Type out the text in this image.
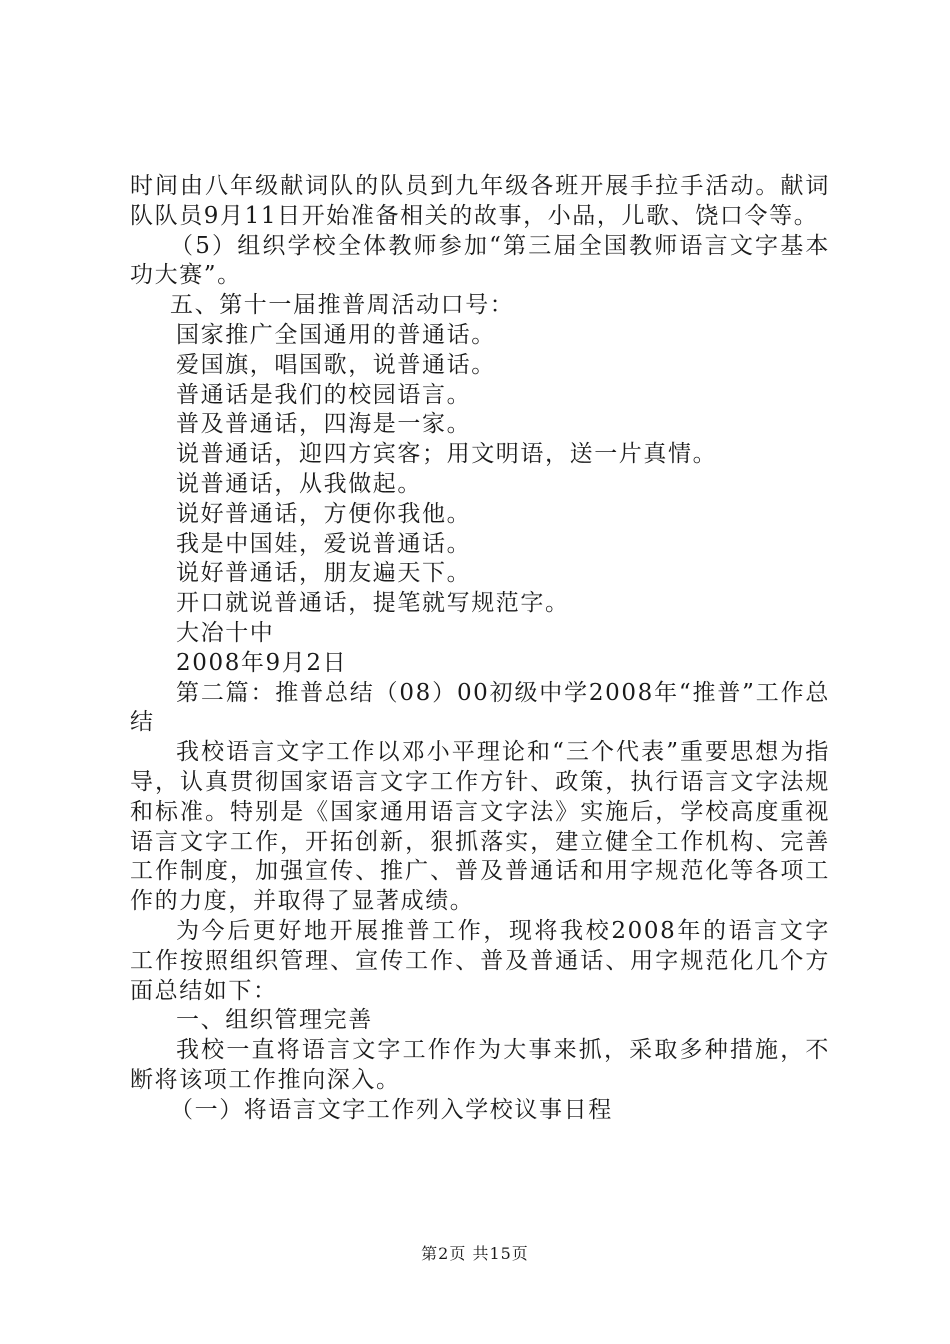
时间由八年级献词队的队员到九年级各班开展手拉手活动。献词队队员9月11日开始准备相关的故事，小品，儿歌、饶口令等。

（5）组织学校全体教师参加“第三届全国教师语言文字基本功大赛”。

五、第十一届推普周活动口号：

国家推广全国通用的普通话。

爱国旗，唱国歌，说普通话。

普通话是我们的校园语言。

普及普通话，四海是一家。

说普通话，迎四方宾客；用文明语，送一片真情。

说普通话，从我做起。

说好普通话，方便你我他。

我是中国娃，爱说普通话。

说好普通话，朋友遍天下。

开口就说普通话，提笔就写规范字。

大冶十中

2008年9月2日

第二篇：推普总结（08）00初级中学2008年“推普”工作总结

我校语言文字工作以邓小平理论和“三个代表”重要思想为指导，认真贯彻国家语言文字工作方针、政策，执行语言文字法规和标准。特别是《国家通用语言文字法》实施后，学校高度重视语言文字工作，开拓创新，狠抓落实，建立健全工作机构、完善工作制度，加强宣传、推广、普及普通话和用字规范化等各项工作的力度，并取得了显著成绩。

为今后更好地开展推普工作，现将我校2008年的语言文字工作按照组织管理、宣传工作、普及普通话、用字规范化几个方面总结如下：

一、组织管理完善

我校一直将语言文字工作作为大事来抓，采取多种措施，不断将该项工作推向深入。

（一）将语言文字工作列入学校议事日程

第2页 共15页
